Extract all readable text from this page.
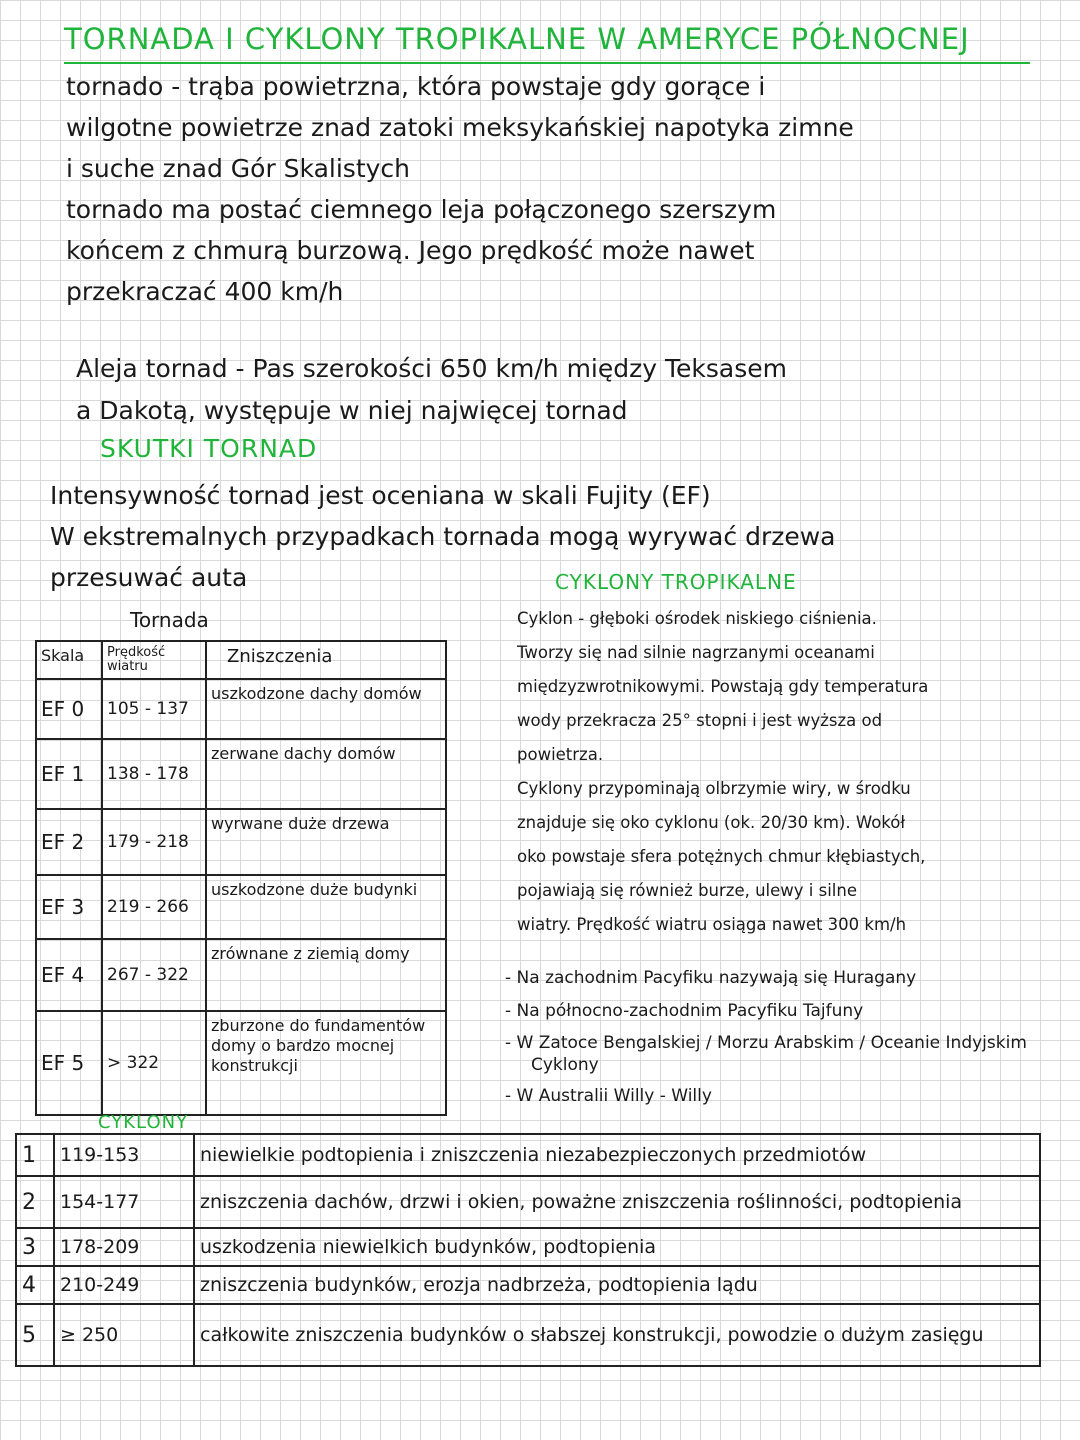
TORNADA I CYKLONY TROPIKALNE W AMERYCE PÓŁNOCNEJ
tornado - trąba powietrzna, która powstaje gdy gorące i
wilgotne powietrze znad zatoki meksykańskiej napotyka zimne
i suche znad Gór Skalistych
tornado ma postać ciemnego leja połączonego szerszym
końcem z chmurą burzową. Jego prędkość może nawet
przekraczać 400 km/h
Aleja tornad - Pas szerokości 650 km/h między Teksasem
a Dakotą, występuje w niej najwięcej tornad
SKUTKI TORNAD
Intensywność tornad jest oceniana w skali Fujity (EF)
W ekstremalnych przypadkach tornada mogą wyrywać drzewa
przesuwać auta
Tornada
Skala	Prędkość wiatru	Zniszczenia
EF 0	105 - 137	uszkodzone dachy domów
EF 1	138 - 178	zerwane dachy domów
EF 2	179 - 218	wyrwane duże drzewa
EF 3	219 - 266	uszkodzone duże budynki
EF 4	267 - 322	zrównane z ziemią domy
EF 5	> 322	zburzone do fundamentów domy o bardzo mocnej konstrukcji
CYKLONY TROPIKALNE
Cyklon - głęboki ośrodek niskiego ciśnienia.
Tworzy się nad silnie nagrzanymi oceanami
międzyzwrotnikowymi. Powstają gdy temperatura
wody przekracza 25° stopni i jest wyższa od
powietrza.
Cyklony przypominają olbrzymie wiry, w środku
znajduje się oko cyklonu (ok. 20/30 km). Wokół
oko powstaje sfera potężnych chmur kłębiastych,
pojawiają się również burze, ulewy i silne
wiatry. Prędkość wiatru osiąga nawet 300 km/h
- Na zachodnim Pacyfiku nazywają się Huragany
- Na północno-zachodnim Pacyfiku Tajfuny
- W Zatoce Bengalskiej / Morzu Arabskim / Oceanie Indyjskim
Cyklony
- W Australii Willy - Willy
CYKLONY
1	119-153	niewielkie podtopienia i zniszczenia niezabezpieczonych przedmiotów
2	154-177	zniszczenia dachów, drzwi i okien, poważne zniszczenia roślinności, podtopienia
3	178-209	uszkodzenia niewielkich budynków, podtopienia
4	210-249	zniszczenia budynków, erozja nadbrzeża, podtopienia lądu
5	≥ 250	całkowite zniszczenia budynków o słabszej konstrukcji, powodzie o dużym zasięgu
